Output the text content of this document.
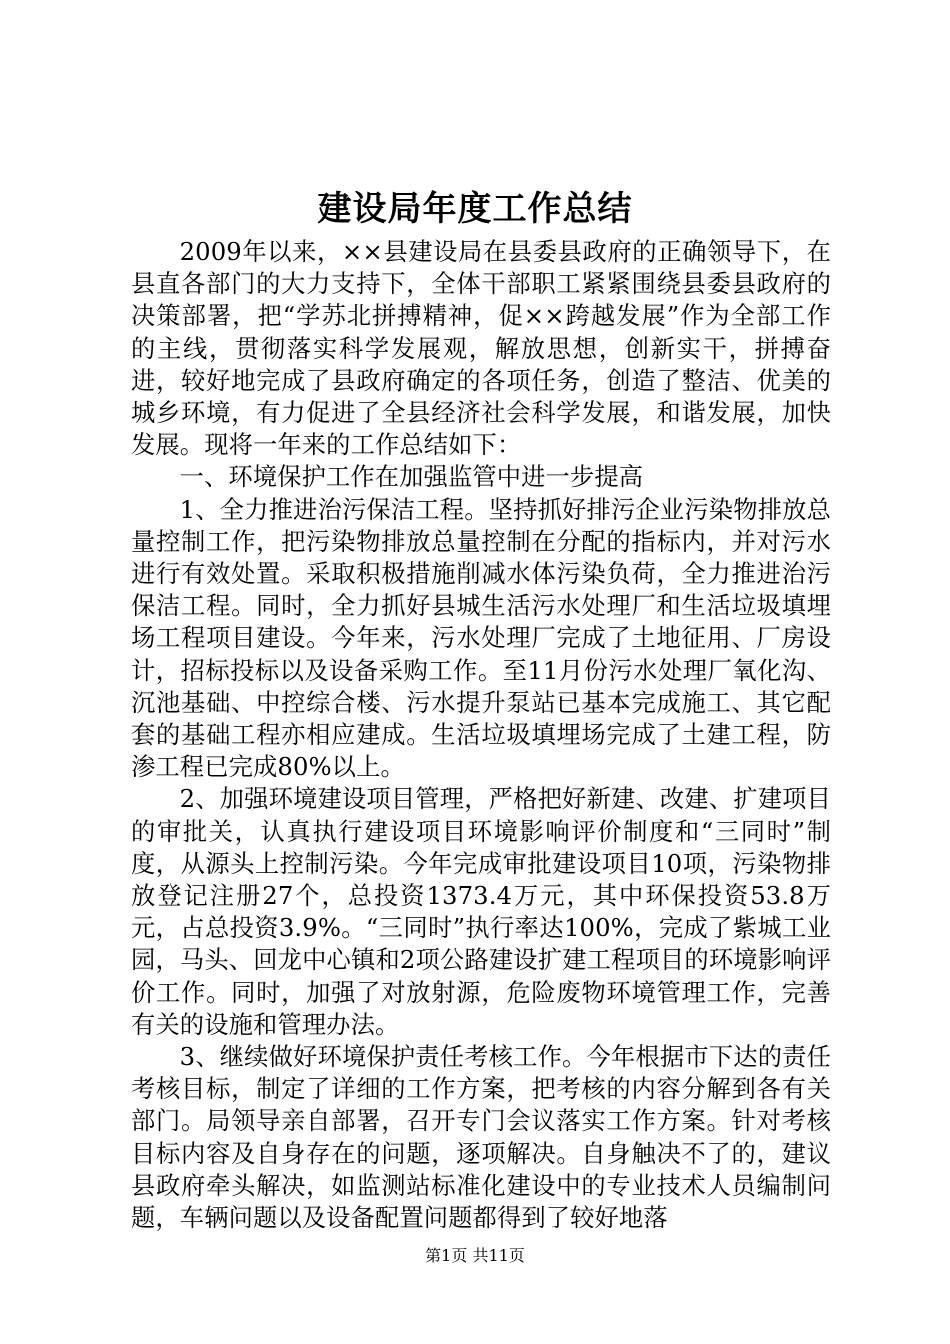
建设局年度工作总结

2009年以来，××县建设局在县委县政府的正确领导下，在县直各部门的大力支持下，全体干部职工紧紧围绕县委县政府的决策部署，把“学苏北拼搏精神，促××跨越发展”作为全部工作的主线，贯彻落实科学发展观，解放思想，创新实干，拼搏奋进，较好地完成了县政府确定的各项任务，创造了整洁、优美的城乡环境，有力促进了全县经济社会科学发展，和谐发展，加快发展。现将一年来的工作总结如下：

一、环境保护工作在加强监管中进一步提高

1、全力推进治污保洁工程。坚持抓好排污企业污染物排放总量控制工作，把污染物排放总量控制在分配的指标内，并对污水进行有效处置。采取积极措施削减水体污染负荷，全力推进治污保洁工程。同时，全力抓好县城生活污水处理厂和生活垃圾填埋场工程项目建设。今年来，污水处理厂完成了土地征用、厂房设计，招标投标以及设备采购工作。至11月份污水处理厂氧化沟、沉池基础、中控综合楼、污水提升泵站已基本完成施工、其它配套的基础工程亦相应建成。生活垃圾填埋场完成了土建工程，防渗工程已完成80%以上。

2、加强环境建设项目管理，严格把好新建、改建、扩建项目的审批关，认真执行建设项目环境影响评价制度和“三同时”制度，从源头上控制污染。今年完成审批建设项目10项，污染物排放登记注册27个，总投资1373.4万元，其中环保投资53.8万元，占总投资3.9%。“三同时”执行率达100%，完成了紫城工业园，马头、回龙中心镇和2项公路建设扩建工程项目的环境影响评价工作。同时，加强了对放射源，危险废物环境管理工作，完善有关的设施和管理办法。

3、继续做好环境保护责任考核工作。今年根据市下达的责任考核目标，制定了详细的工作方案，把考核的内容分解到各有关部门。局领导亲自部署，召开专门会议落实工作方案。针对考核目标内容及自身存在的问题，逐项解决。自身触决不了的，建议县政府牵头解决，如监测站标准化建设中的专业技术人员编制问题，车辆问题以及设备配置问题都得到了较好地落

第1页 共11页
